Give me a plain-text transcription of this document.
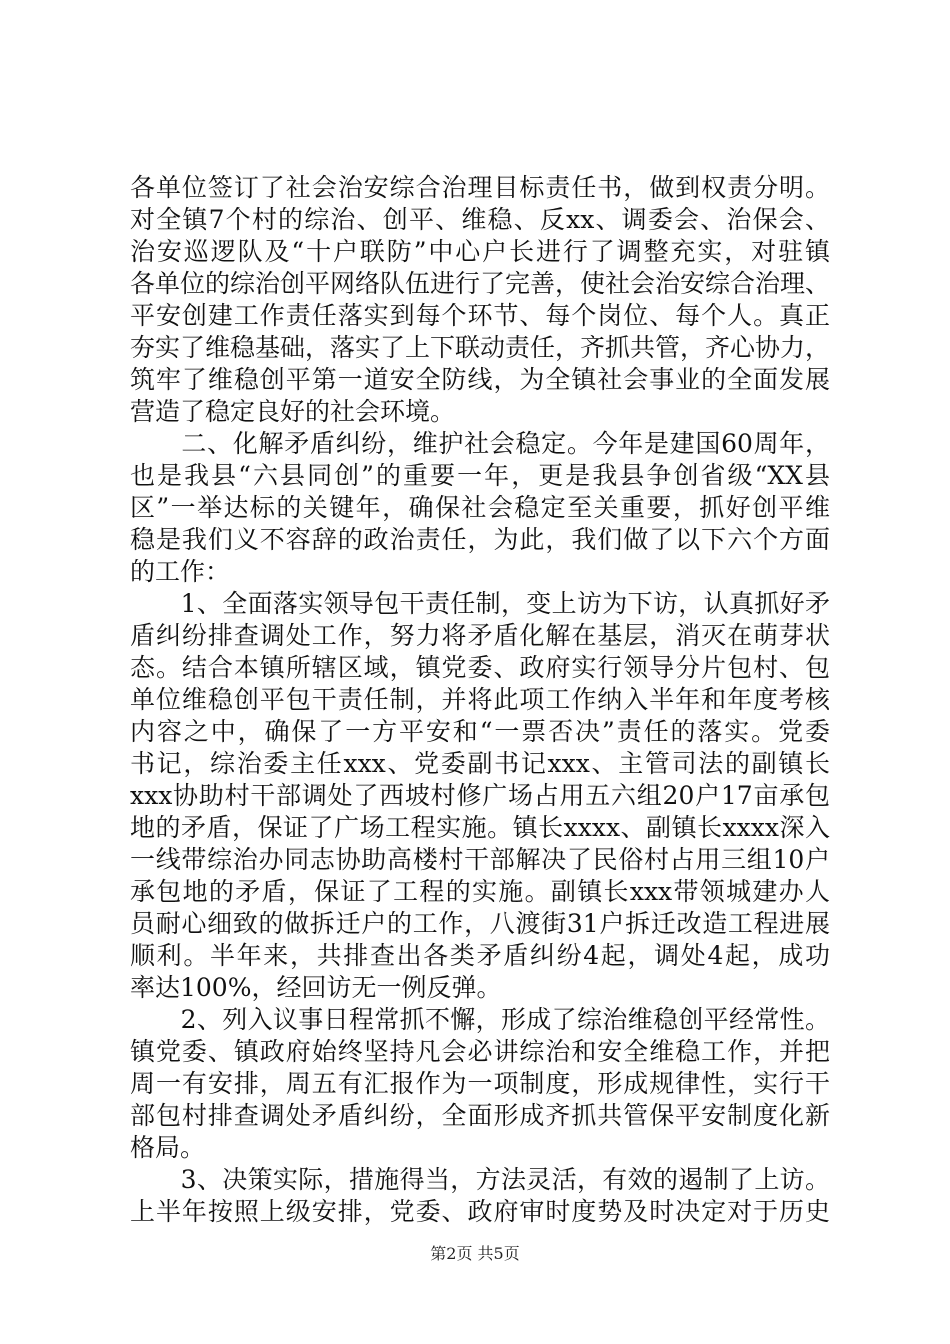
各单位签订了社会治安综合治理目标责任书，做到权责分明。
对全镇7个村的综治、创平、维稳、反xx、调委会、治保会、
治安巡逻队及“十户联防”中心户长进行了调整充实，对驻镇
各单位的综治创平网络队伍进行了完善，使社会治安综合治理、
平安创建工作责任落实到每个环节、每个岗位、每个人。真正
夯实了维稳基础，落实了上下联动责任，齐抓共管，齐心协力，
筑牢了维稳创平第一道安全防线，为全镇社会事业的全面发展
营造了稳定良好的社会环境。
　　二、化解矛盾纠纷，维护社会稳定。今年是建国60周年，
也是我县“六县同创”的重要一年，更是我县争创省级“XX县
区”一举达标的关键年，确保社会稳定至关重要，抓好创平维
稳是我们义不容辞的政治责任，为此，我们做了以下六个方面
的工作：
　　1、全面落实领导包干责任制，变上访为下访，认真抓好矛
盾纠纷排查调处工作，努力将矛盾化解在基层，消灭在萌芽状
态。结合本镇所辖区域，镇党委、政府实行领导分片包村、包
单位维稳创平包干责任制，并将此项工作纳入半年和年度考核
内容之中，确保了一方平安和“一票否决”责任的落实。党委
书记，综治委主任xxx、党委副书记xxx、主管司法的副镇长
xxx协助村干部调处了西坡村修广场占用五六组20户17亩承包
地的矛盾，保证了广场工程实施。镇长xxxx、副镇长xxxx深入
一线带综治办同志协助高楼村干部解决了民俗村占用三组10户
承包地的矛盾，保证了工程的实施。副镇长xxx带领城建办人
员耐心细致的做拆迁户的工作，八渡街31户拆迁改造工程进展
顺利。半年来，共排查出各类矛盾纠纷4起，调处4起，成功
率达100%，经回访无一例反弹。
　　2、列入议事日程常抓不懈，形成了综治维稳创平经常性。
镇党委、镇政府始终坚持凡会必讲综治和安全维稳工作，并把
周一有安排，周五有汇报作为一项制度，形成规律性，实行干
部包村排查调处矛盾纠纷，全面形成齐抓共管保平安制度化新
格局。
　　3、决策实际，措施得当，方法灵活，有效的遏制了上访。
上半年按照上级安排，党委、政府审时度势及时决定对于历史
第2页 共5页
